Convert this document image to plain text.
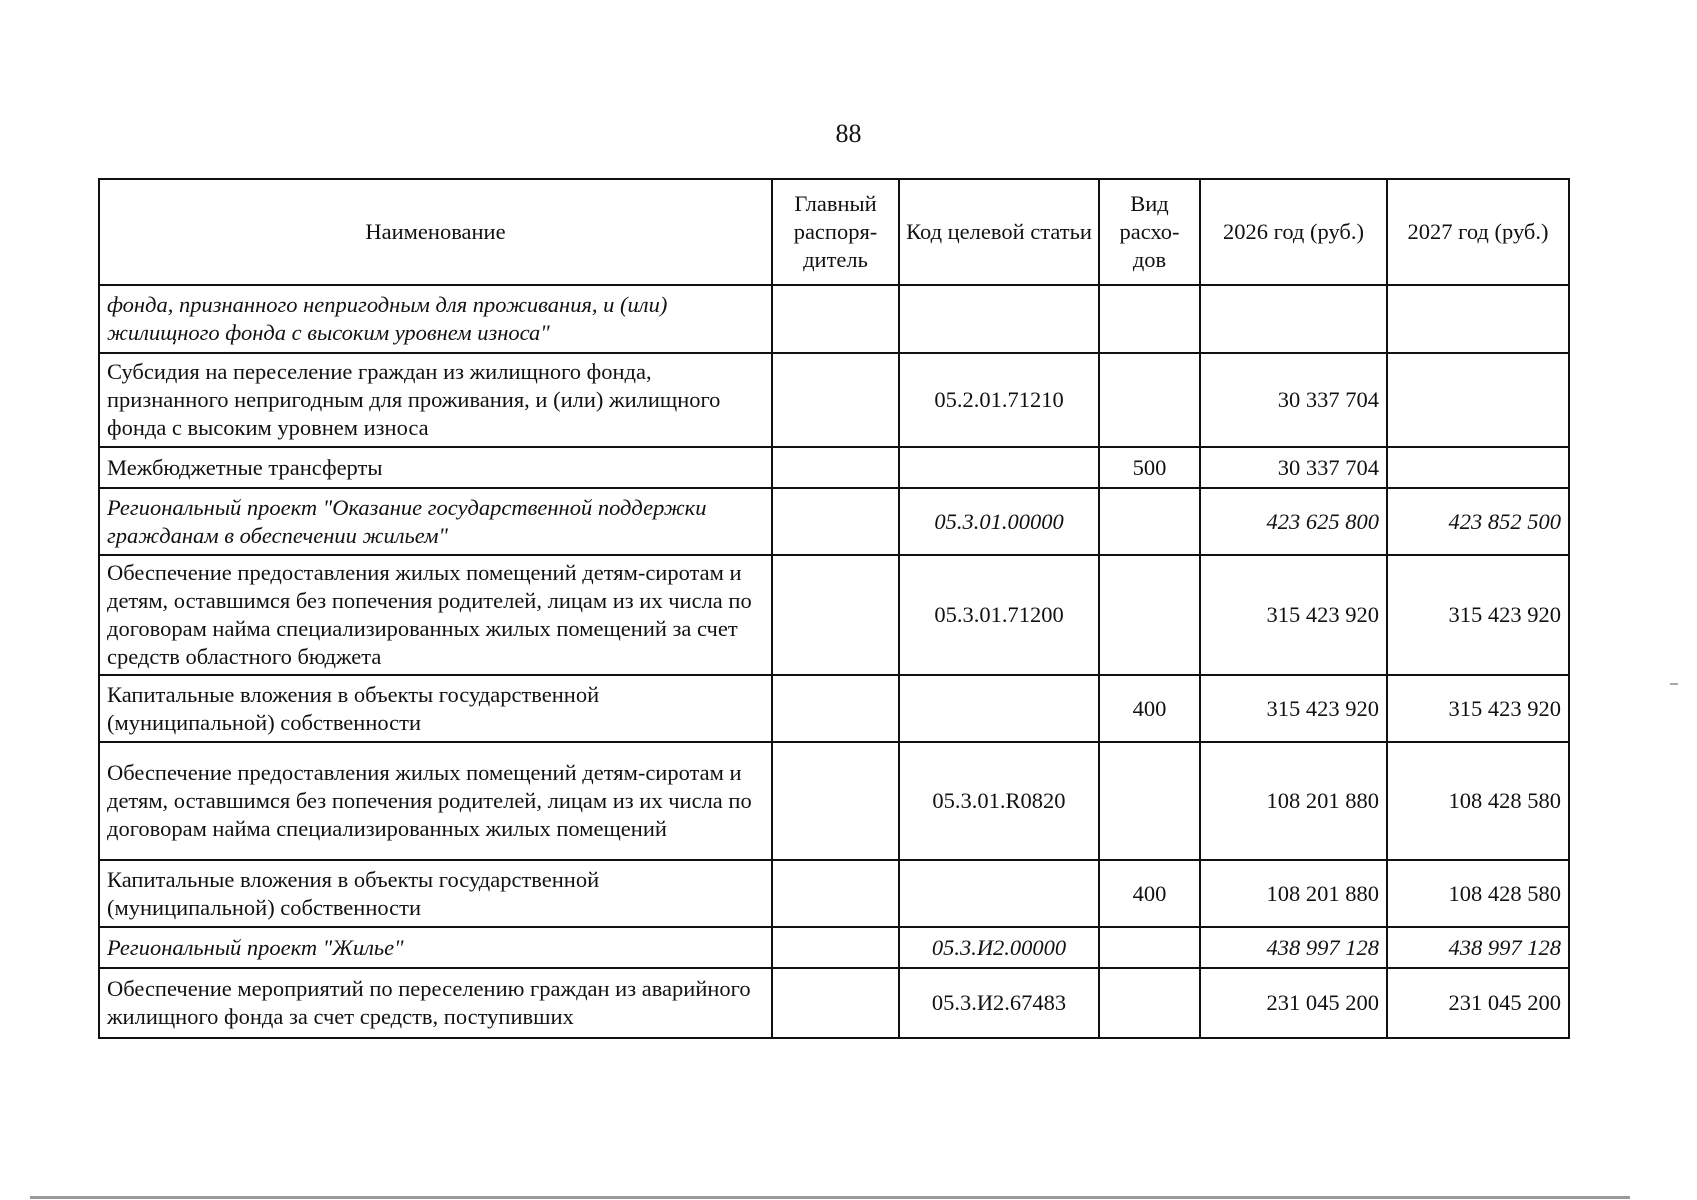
88
Наименование	Главный распоря-дитель	Код целевой статьи	Вид расхо-дов	2026 год (руб.)	2027 год (руб.)
фонда, признанного непригодным для проживания, и (или) жилищного фонда с высоким уровнем износа"					
Субсидия на переселение граждан из жилищного фонда, признанного непригодным для проживания, и (или) жилищного фонда с высоким уровнем износа		05.2.01.71210		30 337 704	
Межбюджетные трансферты			500	30 337 704	
Региональный проект "Оказание государственной поддержки гражданам в обеспечении жильем"		05.3.01.00000		423 625 800	423 852 500
Обеспечение предоставления жилых помещений детям-сиротам и детям, оставшимся без попечения родителей, лицам из их числа по договорам найма специализированных жилых помещений за счет средств областного бюджета		05.3.01.71200		315 423 920	315 423 920
Капитальные вложения в объекты государственной (муниципальной) собственности			400	315 423 920	315 423 920
Обеспечение предоставления жилых помещений детям-сиротам и детям, оставшимся без попечения родителей, лицам из их числа по договорам найма специализированных жилых помещений		05.3.01.R0820		108 201 880	108 428 580
Капитальные вложения в объекты государственной (муниципальной) собственности			400	108 201 880	108 428 580
Региональный проект "Жилье"		05.3.И2.00000		438 997 128	438 997 128
Обеспечение мероприятий по переселению граждан из аварийного жилищного фонда за счет средств, поступивших		05.3.И2.67483		231 045 200	231 045 200
